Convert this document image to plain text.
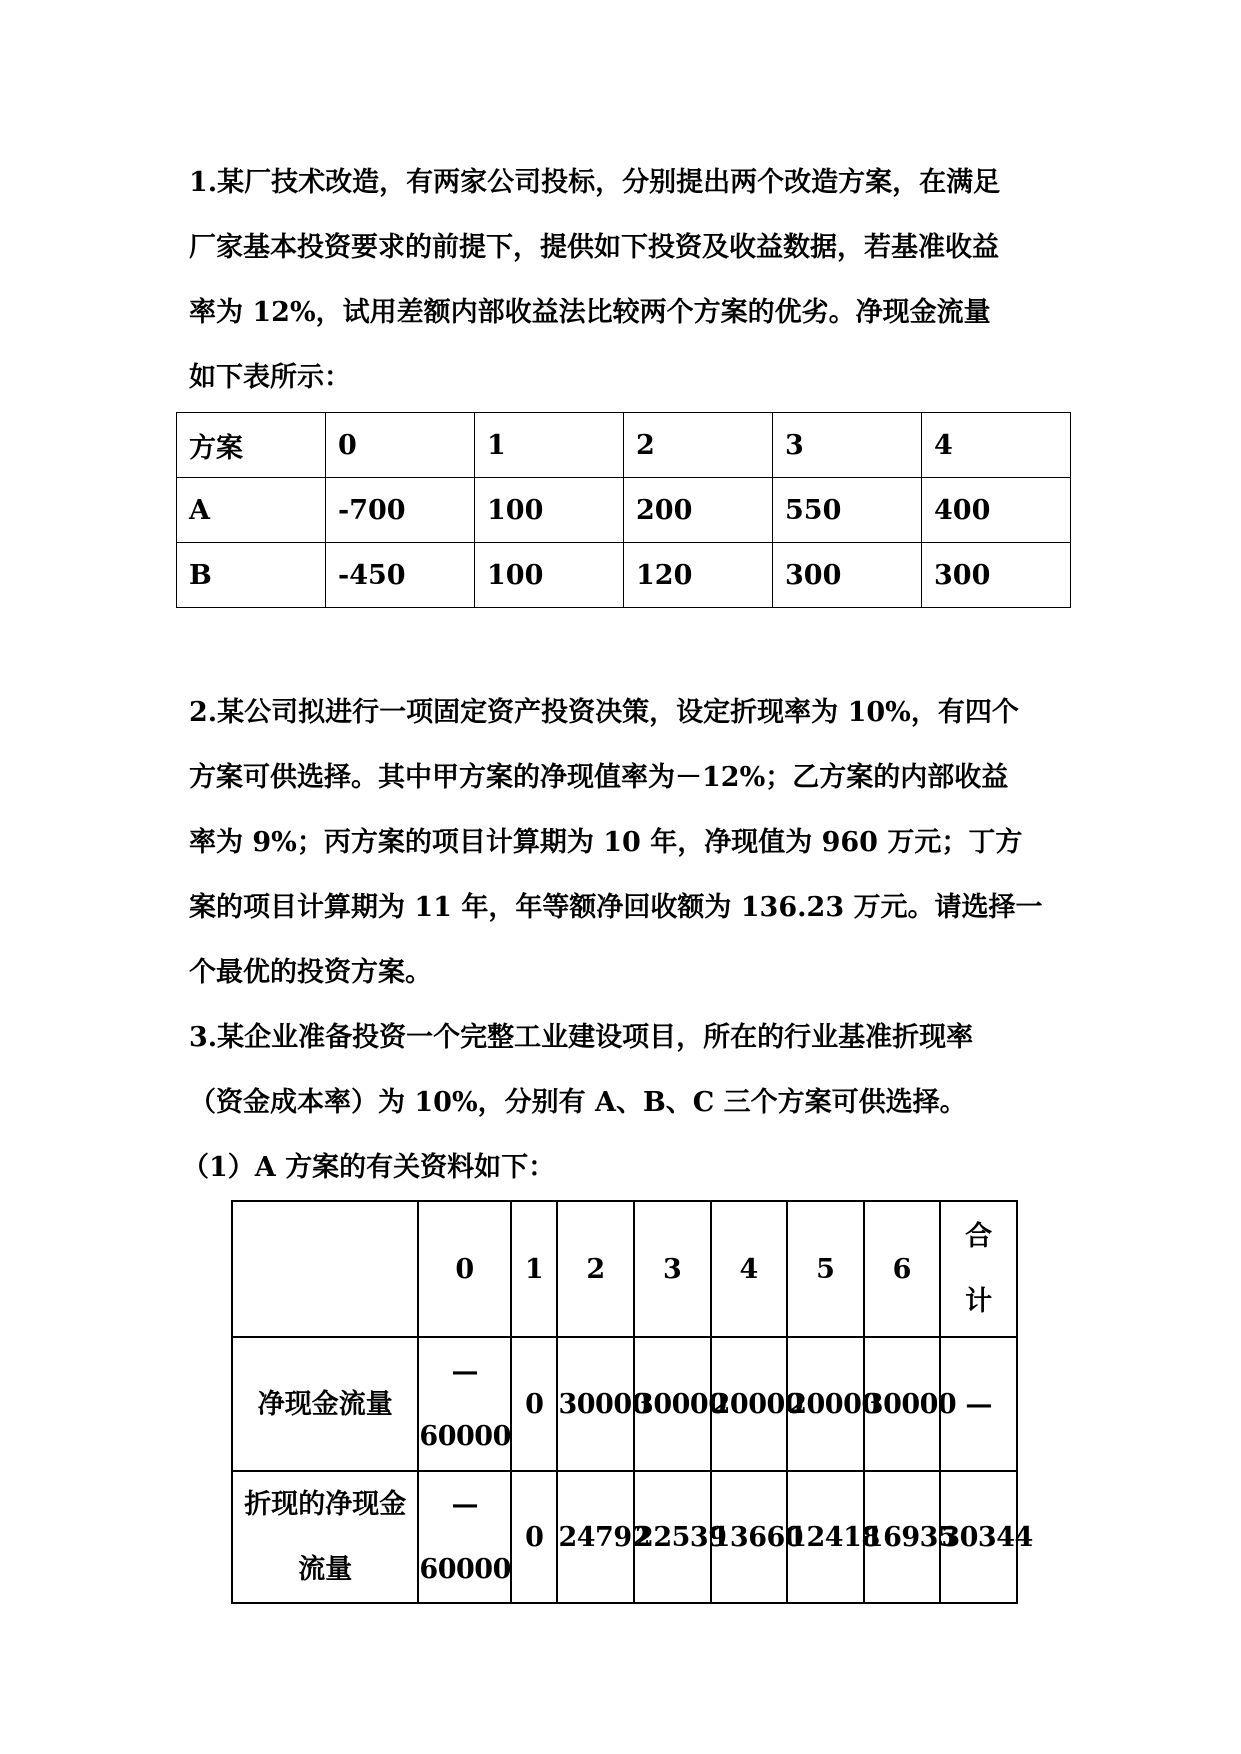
1.某厂技术改造，有两家公司投标，分别提出两个改造方案，在满足

厂家基本投资要求的前提下，提供如下投资及收益数据，若基准收益

率为 12%，试用差额内部收益法比较两个方案的优劣。净现金流量

如下表所示：

方案	0	1	2	3	4
A	-700	100	200	550	400
B	-450	100	120	300	300

2.某公司拟进行一项固定资产投资决策，设定折现率为 10%，有四个

方案可供选择。其中甲方案的净现值率为－12%；乙方案的内部收益

率为 9%；丙方案的项目计算期为 10 年，净现值为 960 万元；丁方

案的项目计算期为 11 年，年等额净回收额为 136.23 万元。请选择一

个最优的投资方案。

3.某企业准备投资一个完整工业建设项目，所在的行业基准折现率

（资金成本率）为 10%，分别有 A、B、C 三个方案可供选择。

（1）A 方案的有关资料如下：

	0	1	2	3	4	5	6	合
计
净现金流量	—
60000	0	30000	30000	20000	20000	30000	—
折现的净现金
流量	—
60000	0	24792	22539	13660	12418	16935	30344
